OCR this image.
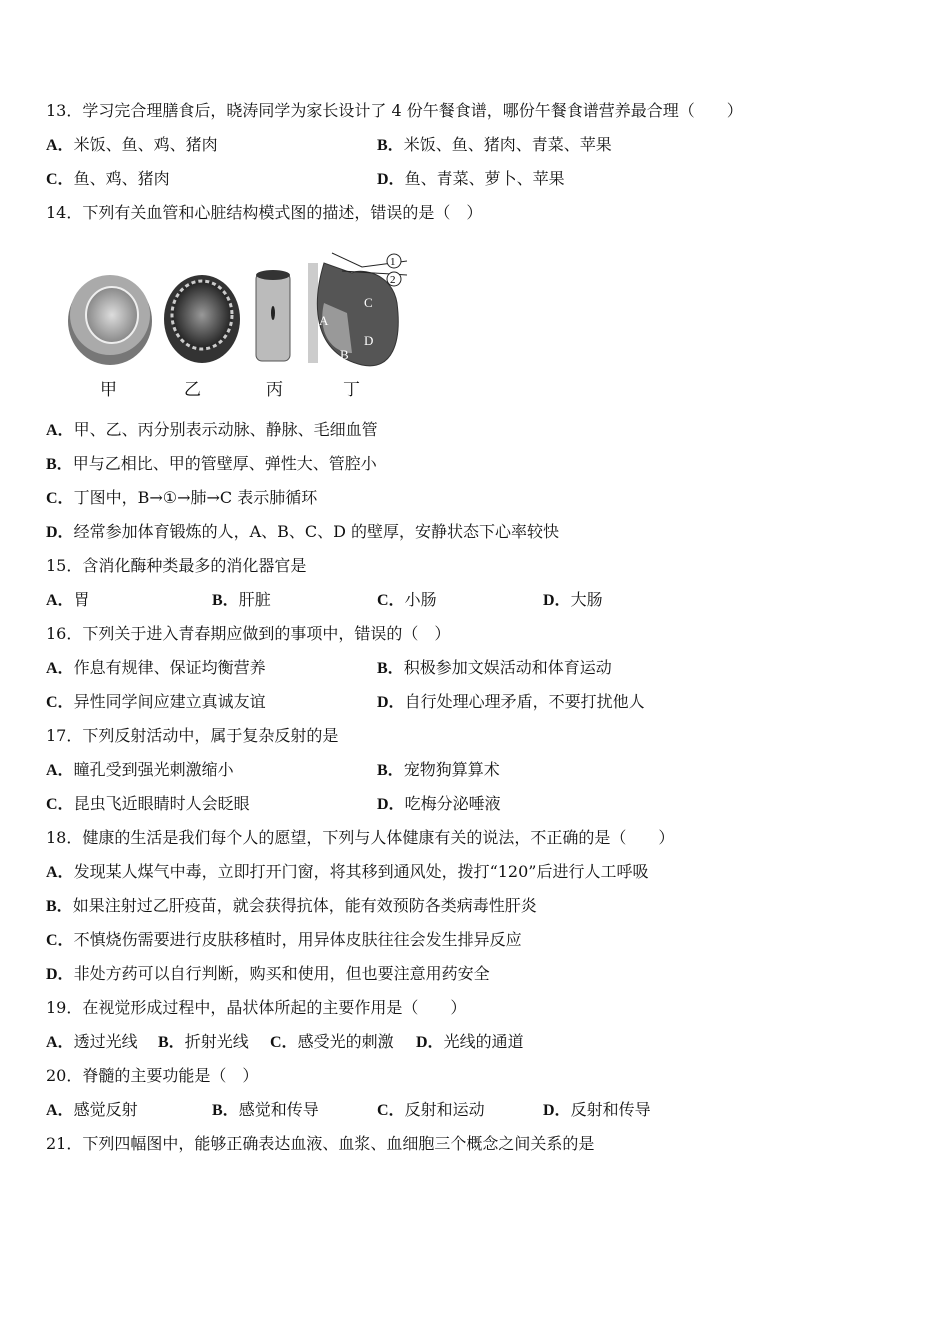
13．学习完合理膳食后，晓涛同学为家长设计了 4 份午餐食谱，哪份午餐食谱营养最合理（　　）
A．米饭、鱼、鸡、猪肉	B．米饭、鱼、猪肉、青菜、苹果
C．鱼、鸡、猪肉	D．鱼、青菜、萝卜、苹果
14．下列有关血管和心脏结构模式图的描述，错误的是（　）
1
2
A
B
C
D
甲	乙	丙	丁
A．甲、乙、丙分别表示动脉、静脉、毛细血管
B．甲与乙相比、甲的管壁厚、弹性大、管腔小
C．丁图中，B→①→肺→C 表示肺循环
D．经常参加体育锻炼的人，A、B、C、D 的壁厚，安静状态下心率较快
15．含消化酶种类最多的消化器官是
A．胃	B．肝脏	C．小肠	D．大肠
16．下列关于进入青春期应做到的事项中，错误的（　）
A．作息有规律、保证均衡营养	B．积极参加文娱活动和体育运动
C．异性同学间应建立真诚友谊	D．自行处理心理矛盾，不要打扰他人
17．下列反射活动中，属于复杂反射的是
A．瞳孔受到强光刺激缩小	B．宠物狗算算术
C．昆虫飞近眼睛时人会眨眼	D．吃梅分泌唾液
18．健康的生活是我们每个人的愿望，下列与人体健康有关的说法，不正确的是（　　）
A．发现某人煤气中毒，立即打开门窗，将其移到通风处，拨打“120”后进行人工呼吸
B．如果注射过乙肝疫苗，就会获得抗体，能有效预防各类病毒性肝炎
C．不慎烧伤需要进行皮肤移植时，用异体皮肤往往会发生排异反应
D．非处方药可以自行判断，购买和使用，但也要注意用药安全
19．在视觉形成过程中，晶状体所起的主要作用是（　　）
A．透过光线 B．折射光线 C．感受光的刺激 D．光线的通道
20．脊髓的主要功能是（　）
A．感觉反射	B．感觉和传导	C．反射和运动	D．反射和传导
21．下列四幅图中，能够正确表达血液、血浆、血细胞三个概念之间关系的是
